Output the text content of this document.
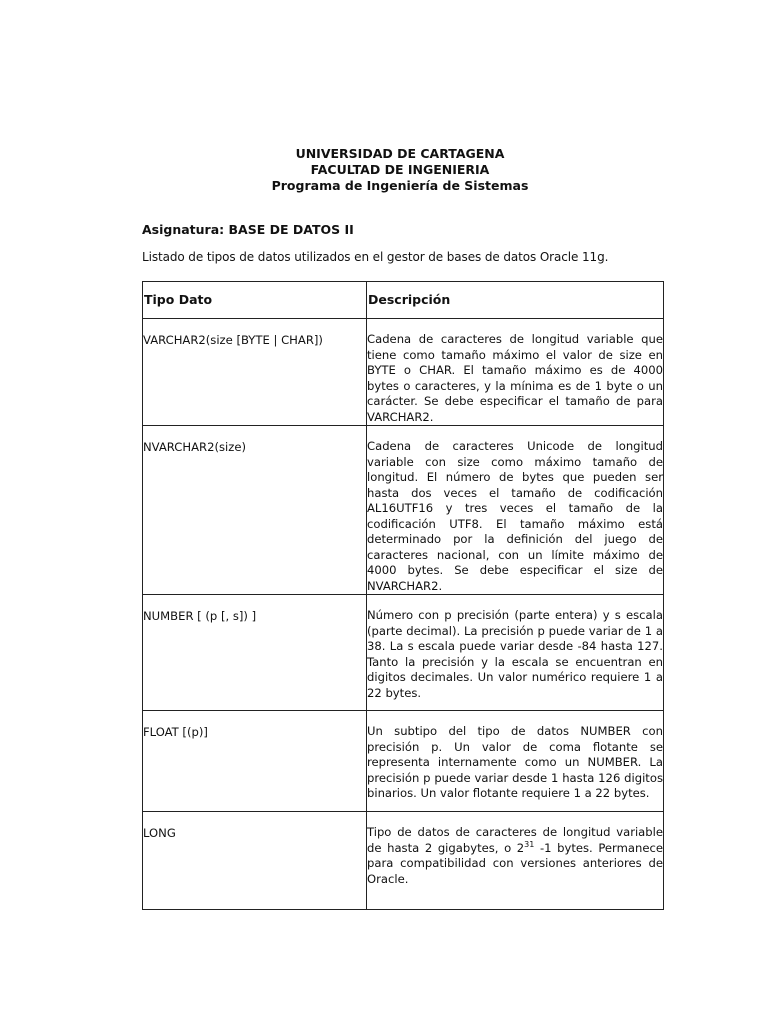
UNIVERSIDAD DE CARTAGENA
FACULTAD DE INGENIERIA
Programa de Ingeniería de Sistemas
Asignatura: BASE DE DATOS II
Listado de tipos de datos utilizados en el gestor de bases de datos Oracle 11g.
Tipo Dato	Descripción
VARCHAR2(size [BYTE | CHAR])	Cadena de caracteres de longitud variable que tiene como tamaño máximo el valor de size en BYTE o CHAR. El tamaño máximo es de 4000 bytes o caracteres, y la mínima es de 1 byte o un carácter. Se debe especificar el tamaño de para VARCHAR2.
NVARCHAR2(size)	Cadena de caracteres Unicode de longitud variable con size como máximo tamaño de longitud. El número de bytes que pueden ser hasta dos veces el tamaño de codificación AL16UTF16 y tres veces el tamaño de la codificación UTF8. El tamaño máximo está determinado por la definición del juego de caracteres nacional, con un límite máximo de 4000 bytes. Se debe especificar el size de NVARCHAR2.
NUMBER [ (p [, s]) ]	Número con p precisión (parte entera) y s escala (parte decimal). La precisión p puede variar de 1 a 38. La s escala puede variar desde -84 hasta 127. Tanto la precisión y la escala se encuentran en digitos decimales. Un valor numérico requiere 1 a 22 bytes.
FLOAT [(p)]	Un subtipo del tipo de datos NUMBER con precisión p. Un valor de coma flotante se representa internamente como un NUMBER. La precisión p puede variar desde 1 hasta 126 digitos binarios. Un valor flotante requiere 1 a 22 bytes.
LONG	Tipo de datos de caracteres de longitud variable de hasta 2 gigabytes, o $2^{31}$ -1 bytes. Permanece para compatibilidad con versiones anteriores de Oracle.
